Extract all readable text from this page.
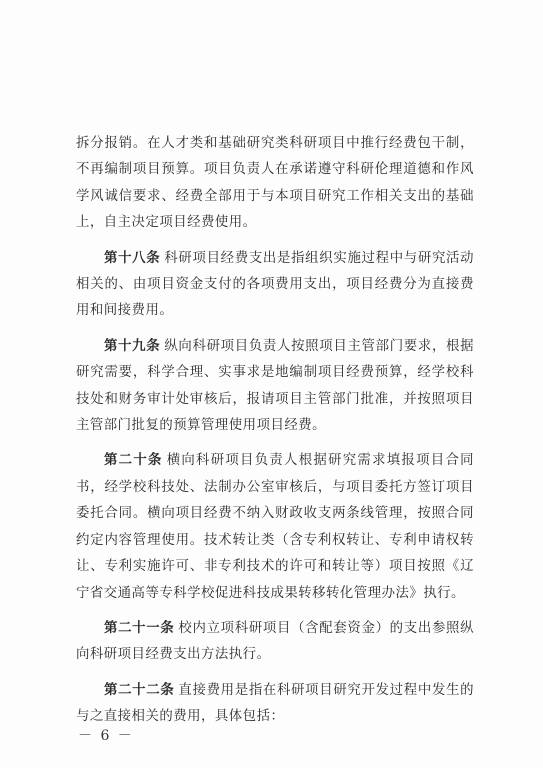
拆分报销。在人才类和基础研究类科研项目中推行经费包干制，不再编制项目预算。项目负责人在承诺遵守科研伦理道德和作风学风诚信要求、经费全部用于与本项目研究工作相关支出的基础上，自主决定项目经费使用。

第十八条 科研项目经费支出是指组织实施过程中与研究活动相关的、由项目资金支付的各项费用支出，项目经费分为直接费用和间接费用。

第十九条 纵向科研项目负责人按照项目主管部门要求，根据研究需要，科学合理、实事求是地编制项目经费预算，经学校科技处和财务审计处审核后，报请项目主管部门批准，并按照项目主管部门批复的预算管理使用项目经费。

第二十条 横向科研项目负责人根据研究需求填报项目合同书，经学校科技处、法制办公室审核后，与项目委托方签订项目委托合同。横向项目经费不纳入财政收支两条线管理，按照合同约定内容管理使用。技术转让类（含专利权转让、专利申请权转让、专利实施许可、非专利技术的许可和转让等）项目按照《辽宁省交通高等专科学校促进科技成果转移转化管理办法》执行。

第二十一条 校内立项科研项目（含配套资金）的支出参照纵向科研项目经费支出方法执行。

第二十二条 直接费用是指在科研项目研究开发过程中发生的与之直接相关的费用，具体包括：

－ 6 －
